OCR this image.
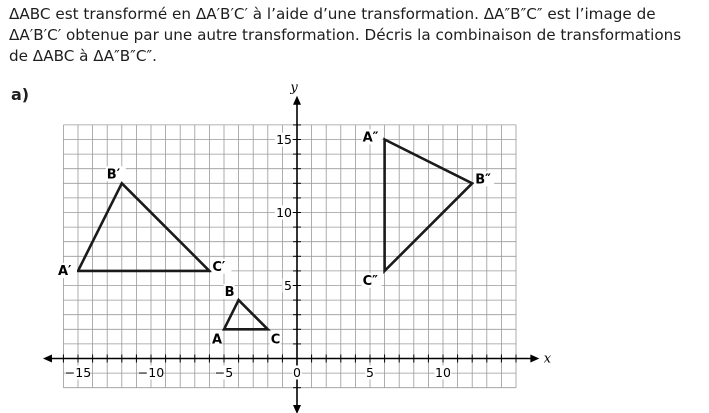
ΔABC est transformé en ΔA′B′C′ à l’aide d’une transformation. ΔA″B″C″ est l’image de ΔA′B′C′ obtenue par une autre transformation. Décris la combinaison de transformations de ΔABC à ΔA″B″C″.

a)
x
y
−15	−10	−5	0	5	10
5
10
15
A
B
C
A′
B′
C′
A″
B″
C″
